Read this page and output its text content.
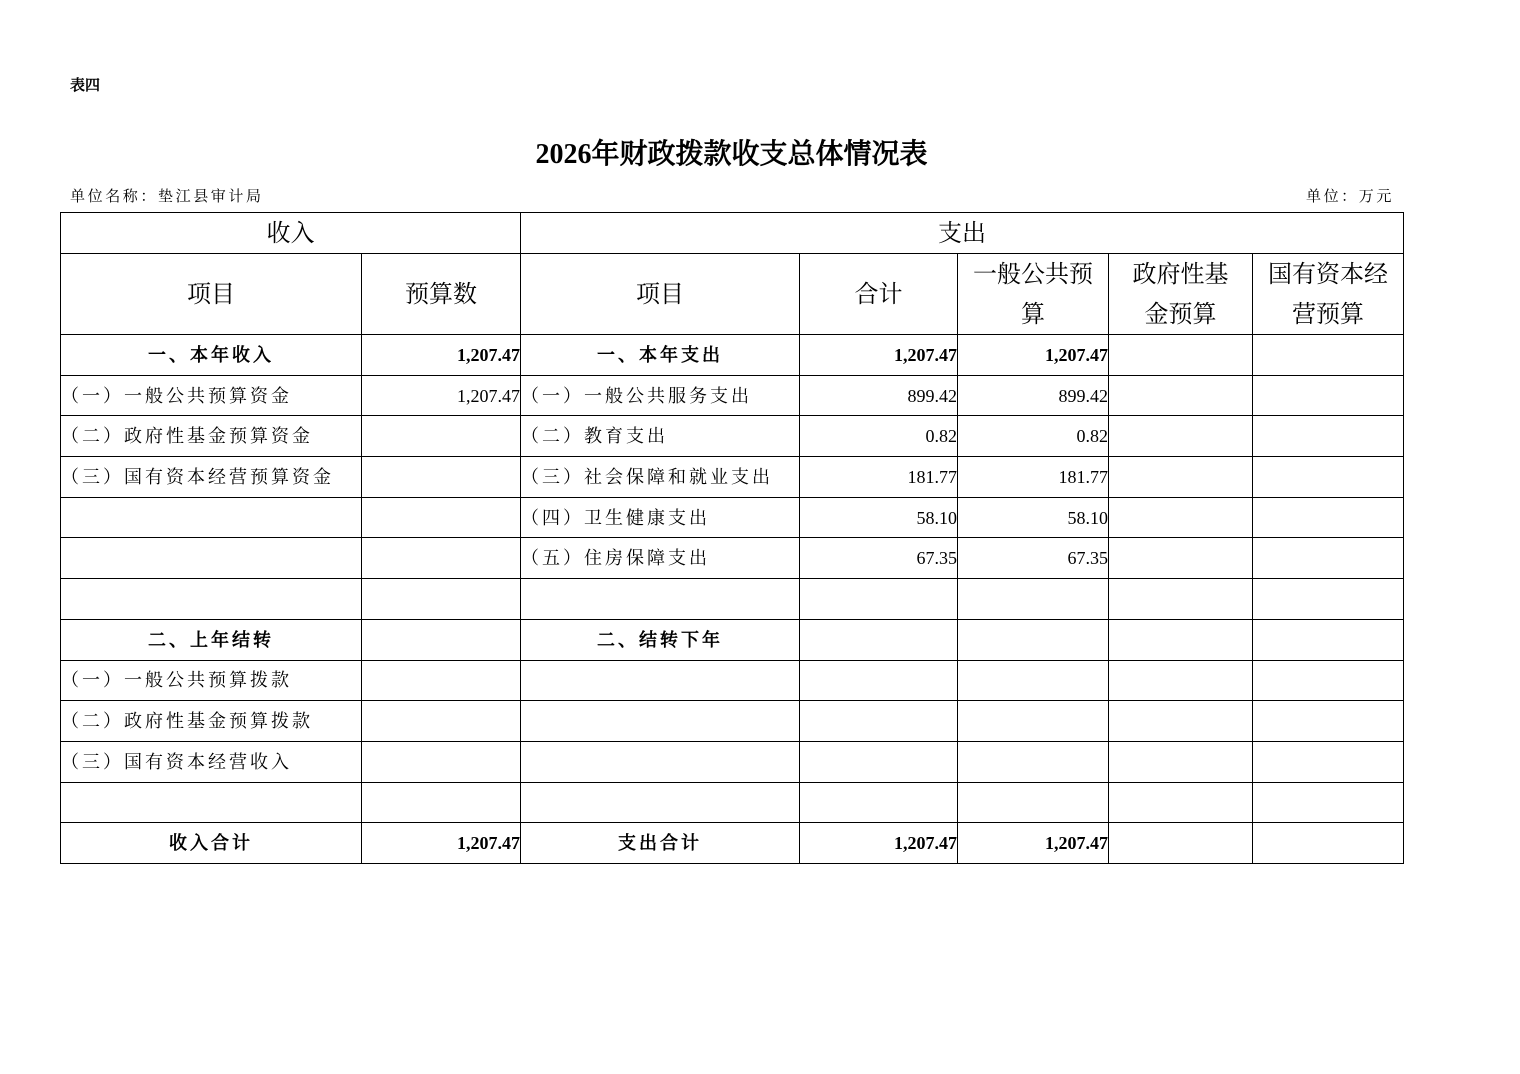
表四
2026年财政拨款收支总体情况表
单位名称：垫江县审计局	单位：万元
收入		支出				
项目	预算数	项目	合计	一般公共预算	政府性基金预算	国有资本经营预算
一、本年收入	1,207.47	一、本年支出	1,207.47	1,207.47		
（一）一般公共预算资金	1,207.47	（一）一般公共服务支出	899.42	899.42		
（二）政府性基金预算资金		（二）教育支出	0.82	0.82		
（三）国有资本经营预算资金		（三）社会保障和就业支出	181.77	181.77		
		（四）卫生健康支出	58.10	58.10		
		（五）住房保障支出	67.35	67.35		

二、上年结转		二、结转下年				
（一）一般公共预算拨款						
（二）政府性基金预算拨款						
（三）国有资本经营收入						

收入合计	1,207.47	支出合计	1,207.47	1,207.47		
